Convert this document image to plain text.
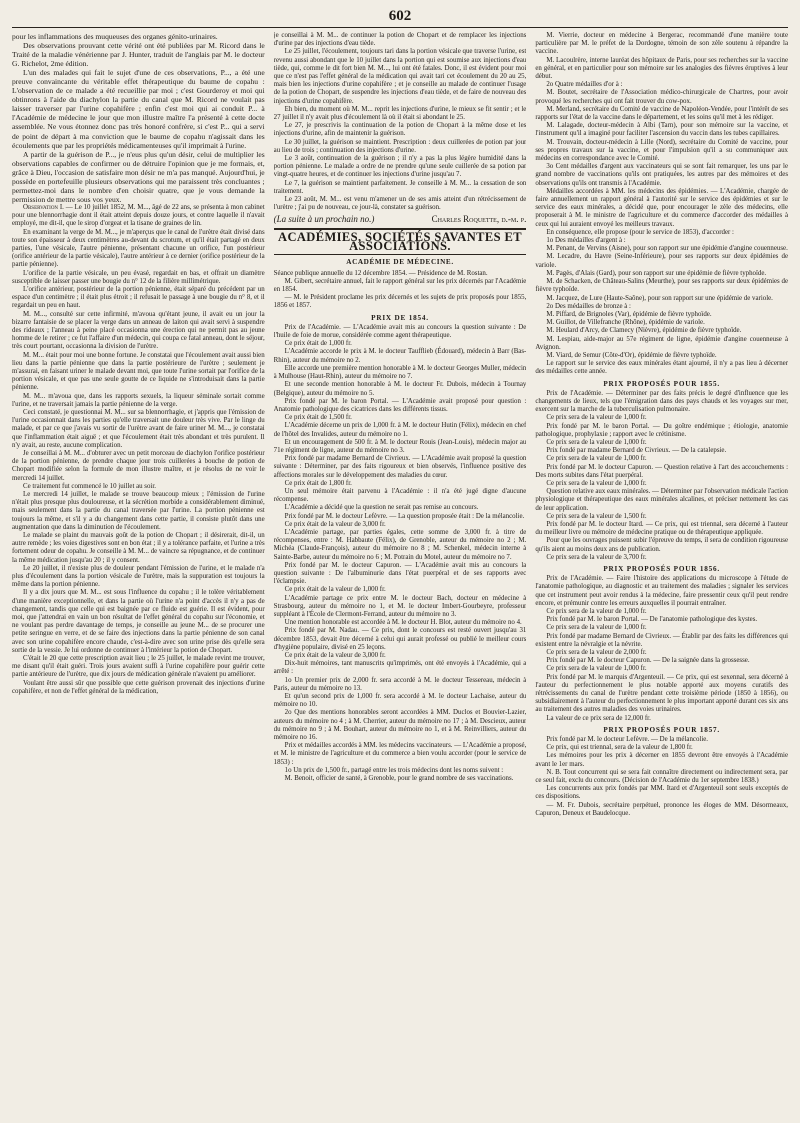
602

pour les inflammations des muqueuses des organes génito-urinaires.

Des observations prouvant cette vérité ont été publiées par M. Ricord dans le Traité de la maladie vénérienne par J. Hunter, traduit de l'anglais par M. le docteur G. Richelot, 2me édition.

L'un des malades qui fait le sujet d'une de ces observations, P..., a été une preuve convaincante du véritable effet thérapeutique du baume de copahu : L'observation de ce malade a été recueillie par moi ; c'est Gourderoy et moi qui obtinrons à l'aide du diachylon la partie du canal que M. Ricord ne voulait pas laisser traverser par l'urine copahifère ; enfin c'est moi qui ai conduit P... à l'Académie de médecine le jour que mon illustre maître l'a présenté à cette docte assemblée. Ne vous étonnez donc pas très honoré confrère, si c'est P... qui a servi de point de départ à ma conviction que le baume de copahu n'agissait dans les écoulements que par les propriétés médicamenteuses qu'il imprimait à l'urine.

A partir de la guérison de P..., je n'eus plus qu'un désir, celui de multiplier les observations capables de confirmer ou de détruire l'opinion que je me formais, et, grâce à Dieu, l'occasion de satisfaire mon désir ne m'a pas manqué. Aujourd'hui, je possède en portefeuille plusieurs observations qui me paraissent très concluantes ; permettez-moi dans le nombre d'en choisir quatre, que je vous demande la permission de mettre sous vos yeux.

Observation I. — Le 10 juillet 1852, M. M..., âgé de 22 ans, se présenta à mon cabinet pour une blennorrhagie dont il était atteint depuis douze jours, et contre laquelle il n'avait employé, me dit-il, que le sirop d'orgeat et la tisane de graines de lin.

En examinant la verge de M. M..., je m'aperçus que le canal de l'urètre était divisé dans toute son épaisseur à deux centimètres au-devant du scrotum, et qu'il était partagé en deux parties, l'une vésicale, l'autre pénienne, présentant chacune un orifice, l'un postérieur (orifice antérieur de la partie vésicale), l'autre antérieur à ce dernier (orifice postérieur de la partie pénienne).

L'orifice de la partie vésicale, un peu évasé, regardait en bas, et offrait un diamètre susceptible de laisser passer une bougie du n° 12 de la filière millimétrique.

L'orifice antérieur, postérieur de la portion pénienne, était séparé du précédent par un espace d'un centimètre ; il était plus étroit ; il refusait le passage à une bougie du n° 8, et il regardait un peu en haut.

M. M..., consulté sur cette infirmité, m'avoua qu'étant jeune, il avait eu un jour la bizarre fantaisie de se placer la verge dans un anneau de laiton qui avait servi à suspendre des rideaux ; l'anneau à peine placé occasionna une érection qui ne permit pas au jeune homme de le retirer ; ce fut l'affaire d'un médecin, qui coupa ce fatal anneau, dont le séjour, très court pourtant, occasionna la division de l'urètre.

M. M... était pour moi une bonne fortune. Je constatai que l'écoulement avait aussi bien lieu dans la partie pénienne que dans la partie postérieure de l'urètre ; seulement je m'assurai, en faisant uriner le malade devant moi, que toute l'urine sortait par l'orifice de la portion vésicale, et que pas une seule goutte de ce liquide ne s'introduisait dans la partie pénienne.

M. M... m'avoua que, dans les rapports sexuels, la liqueur séminale sortait comme l'urine, et ne traversait jamais la partie pénienne de la verge.

Ceci constaté, je questionnai M. M... sur sa blennorrhagie, et j'appris que l'émission de l'urine occasionnait dans les parties qu'elle traversait une douleur très vive. Par le linge du malade, et par ce que j'avais vu sortir de l'urètre avant de faire uriner M. M..., je constatai que l'inflammation était aiguë ; et que l'écoulement était très abondant et très purulent. Il n'y avait, au reste, aucune complication.

Je conseillai à M. M... d'obturer avec un petit morceau de diachylon l'orifice postérieur de la portion pénienne, de prendre chaque jour trois cuillerées à bouche de potion de Chopart modifiée selon la formule de mon illustre maître, et je résolus de ne voir le mercredi 14 juillet.

Ce traitement fut commencé le 10 juillet au soir.

Le mercredi 14 juillet, le malade se trouve beaucoup mieux ; l'émission de l'urine n'était plus presque plus douloureuse, et la sécrétion morbide a considérablement diminué, mais seulement dans la partie du canal traversée par l'urine. La portion pénienne est toujours la même, et s'il y a du changement dans cette partie, il consiste plutôt dans une augmentation que dans la diminution de l'écoulement.

Le malade se plaint du mauvais goût de la potion de Chopart ; il désirerait, dit-il, un autre remède ; les voies digestives sont en bon état ; il y a tolérance parfaite, et l'urine a très fortement odeur de copahu. Je conseille à M. M... de vaincre sa répugnance, et de continuer la même médication jusqu'au 20 ; il y consent.

Le 20 juillet, il n'existe plus de douleur pendant l'émission de l'urine, et le malade n'a plus d'écoulement dans la portion vésicale de l'urètre, mais la suppuration est toujours la même dans la portion pénienne.

Il y a dix jours que M. M... est sous l'influence du copahu ; il le tolère véritablement d'une manière exceptionnelle, et dans la partie où l'urine n'a point d'accès il n'y a pas de changement, tandis que celle qui est baignée par ce fluide est guérie. Il est évident, pour moi, que j'attendrai en vain un bon résultat de l'effet général du copahu sur l'économie, et ne voulant pas perdre davantage de temps, je conseille au jeune M... de se procurer une petite seringue en verre, et de se faire des injections dans la partie pénienne de son canal avec son urine copahifère encore chaude, c'est-à-dire avec son urine prise dès qu'elle sera sortie de la vessie. Je lui ordonne de continuer à l'intérieur la potion de Chopart.

C'était le 20 que cette prescription avait lieu ; le 25 juillet, le malade revint me trouver, me disant qu'il était guéri. Trois jours avaient suffi à l'urine copahifère pour guérir cette partie antérieure de l'urètre, que dix jours de médication générale n'avaient pu améliorer.

Voulant être aussi sûr que possible que cette guérison provenait des injections d'urine copahifère, et non de l'effet général de la médication,

je conseillai à M. M... de continuer la potion de Chopart et de remplacer les injections d'urine par des injections d'eau tiède.

Le 25 juillet, l'écoulement, toujours tari dans la portion vésicale que traverse l'urine, est revenu aussi abondant que le 10 juillet dans la portion qui est soumise aux injections d'eau tiède, qui, comme le dit fort bien M. M..., lui ont été fatales. Donc, il est évident pour moi que ce n'est pas l'effet général de la médication qui avait tari cet écoulement du 20 au 25, mais bien les injections d'urine copahifère ; et je conseille au malade de continuer l'usage de la potion de Chopart, de suspendre les injections d'eau tiède, et de faire de nouveau des injections d'urine copahifère.

Eh bien, du moment où M. M... reprit les injections d'urine, le mieux se fit sentir ; et le 27 juillet il n'y avait plus d'écoulement là où il était si abondant le 25.

Le 27, je prescrivis la continuation de la potion de Chopart à la même dose et les injections d'urine, afin de maintenir la guérison.

Le 30 juillet, la guérison se maintient. Prescription : deux cuillerées de potion par jour au lieu de trois ; continuation des injections d'urine.

Le 3 août, continuation de la guérison ; il n'y a pas la plus légère humidité dans la portion pénienne. Le malade a ordre de ne prendre qu'une seule cuillerée de sa potion par vingt-quatre heures, et de continuer les injections d'urine jusqu'au 7.

Le 7, la guérison se maintient parfaitement. Je conseille à M. M... la cessation de son traitement.

Le 23 août, M. M... est venu m'amener un de ses amis atteint d'un rétrécissement de l'urètre ; j'ai pu de nouveau, ce jour-là, constater sa guérison.

(La suite à un prochain no.)	Charles Roquette, d.-m. p.
ACADÉMIES, SOCIÉTÉS SAVANTES ET ASSOCIATIONS.
ACADÉMIE DE MÉDECINE.

Séance publique annuelle du 12 décembre 1854. — Présidence de M. Rostan.

M. Gibert, secrétaire annuel, fait le rapport général sur les prix décernés par l'Académie en 1854.

— M. le Président proclame les prix décernés et les sujets de prix proposés pour 1855, 1856 et 1857.

PRIX DE 1854.

Prix de l'Académie. — L'Académie avait mis au concours la question suivante : De l'huile de foie de morue, considérée comme agent thérapeutique.

Ce prix était de 1,000 fr.

L'Académie accorde le prix à M. le docteur Taufflieb (Édouard), médecin à Barr (Bas-Rhin), auteur du mémoire no 2.

Elle accorde une première mention honorable à M. le docteur Georges Muller, médecin à Mulhouse (Haut-Rhin), auteur du mémoire no 7.

Et une seconde mention honorable à M. le docteur Fr. Dubois, médecin à Tournay (Belgique), auteur du mémoire no 5.

Prix fondé par M. le baron Portal. — L'Académie avait proposé pour question : Anatomie pathologique des cicatrices dans les différents tissus.

Ce prix était de 1,500 fr.

L'Académie décerne un prix de 1,000 fr. à M. le docteur Hutin (Félix), médecin en chef de l'hôtel des Invalides, auteur du mémoire no 1.

Et un encouragement de 500 fr. à M. le docteur Rouis (Jean-Louis), médecin major au 71e régiment de ligne, auteur du mémoire no 3.

Prix fondé par madame Bernard de Civrieux. — L'Académie avait proposé la question suivante : Déterminer, par des faits rigoureux et bien observés, l'influence positive des affections morales sur le développement des maladies du cœur.

Ce prix était de 1,800 fr.

Un seul mémoire était parvenu à l'Académie : il n'a été jugé digne d'aucune récompense.

L'Académie a décidé que la question ne serait pas remise au concours.

Prix fondé par M. le docteur Lefèvre. — La question proposée était : De la mélancolie.

Ce prix était de la valeur de 3,000 fr.

L'Académie partage, par parties égales, cette somme de 3,000 fr. à titre de récompenses, entre : M. Habbaute (Félix), de Grenoble, auteur du mémoire no 2 ; M. Michéa (Claude-François), auteur du mémoire no 8 ; M. Schenkel, médecin interne à Sainte-Barbe, auteur du mémoire no 6 ; M. Potrain du Motel, auteur du mémoire no 7.

Prix fondé par M. le docteur Capuron. — L'Académie avait mis au concours la question suivante : De l'albuminurie dans l'état puerpéral et de ses rapports avec l'éclampsie.

Ce prix était de la valeur de 1,000 fr.

L'Académie partage ce prix entre M. le docteur Bach, docteur en médecine à Strasbourg, auteur du mémoire no 1, et M. le docteur Imbert-Gourbeyre, professeur suppléant à l'École de Clermont-Ferrand, auteur du mémoire no 3.

Une mention honorable est accordée à M. le docteur H. Blot, auteur du mémoire no 4.

Prix fondé par M. Nadau. — Ce prix, dont le concours est resté ouvert jusqu'au 31 décembre 1853, devait être décerné à celui qui aurait professé ou publié le meilleur cours d'hygiène populaire, divisé en 25 leçons.

Ce prix était de la valeur de 3,000 fr.

Dix-huit mémoires, tant manuscrits qu'imprimés, ont été envoyés à l'Académie, qui a arrêté :

1o Un premier prix de 2,000 fr. sera accordé à M. le docteur Tessereau, médecin à Paris, auteur du mémoire no 13.

Et qu'un second prix de 1,000 fr. sera accordé à M. le docteur Lachaise, auteur du mémoire no 10.

2o Que des mentions honorables seront accordées à MM. Duclos et Bouvier-Lazier, auteurs du mémoire no 4 ; à M. Cherrier, auteur du mémoire no 17 ; à M. Descieux, auteur du mémoire no 9 ; à M. Bouhart, auteur du mémoire no 1, et à M. Reinvilliers, auteur du mémoire no 16.

Prix et médailles accordés à MM. les médecins vaccinateurs. — L'Académie a proposé, et M. le ministre de l'agriculture et du commerce a bien voulu accorder (pour le service de 1853) :

1o Un prix de 1,500 fr., partagé entre les trois médecins dont les noms suivent :

M. Benoit, officier de santé, à Grenoble, pour le grand nombre de ses vaccinations.

M. Vierrie, docteur en médecine à Bergerac, recommandé d'une manière toute particulière par M. le préfet de la Dordogne, témoin de son zèle soutenu à répandre la vaccine.

M. Lacoulrère, interne lauréat des hôpitaux de Paris, pour ses recherches sur la vaccine en général, et en particulier pour son mémoire sur les analogies des fièvres éruptives à leur début.

2o Quatre médailles d'or à :

M. Boutet, secrétaire de l'Association médico-chirurgicale de Chartres, pour avoir provoqué les recherches qui ont fait trouver du cow-pox.

M. Merland, secrétaire du Comité de vaccine de Napoléon-Vendée, pour l'intérêt de ses rapports sur l'état de la vaccine dans le département, et les soins qu'il met à les rédiger.

M. Lalagade, docteur-médecin à Albi (Tarn), pour son mémoire sur la vaccine, et l'instrument qu'il a imaginé pour faciliter l'ascension du vaccin dans les tubes capillaires.

M. Trouvain, docteur-médecin à Lille (Nord), secrétaire du Comité de vaccine, pour ses propres travaux sur la vaccine, et pour l'impulsion qu'il a su communiquer aux médecins en correspondance avec le Comité.

3o Cent médailles d'argent aux vaccinateurs qui se sont fait remarquer, les uns par le grand nombre de vaccinations qu'ils ont pratiquées, les autres par des mémoires et des observations qu'ils ont transmis à l'Académie.

Médailles accordées à MM. les médecins des épidémies. — L'Académie, chargée de faire annuellement un rapport général à l'autorité sur le service des épidémies et sur le service des eaux minérales, a décidé que, pour encourager le zèle des médecins, elle proposerait à M. le ministre de l'agriculture et du commerce d'accorder des médailles à ceux qui lui auraient envoyé les meilleurs travaux.

En conséquence, elle propose (pour le service de 1853), d'accorder :

1o Des médailles d'argent à :

M. Penant, de Vervins (Aisne), pour son rapport sur une épidémie d'angine couenneuse.

M. Lecadre, du Havre (Seine-Inférieure), pour ses rapports sur deux épidémies de variole.

M. Pagès, d'Alais (Gard), pour son rapport sur une épidémie de fièvre typhoïde.

M. de Schacken, de Château-Salins (Meurthe), pour ses rapports sur deux épidémies de fièvre typhoïde.

M. Jacquez, de Lure (Haute-Saône), pour son rapport sur une épidémie de variole.

2o Des médailles de bronze à :

M. Piffard, de Brignoles (Var), épidémie de fièvre typhoïde.

M. Guillot, de Villefranche (Rhône), épidémie de variole.

M. Heulard d'Arcy, de Clamecy (Nièvre), épidémie de fièvre typhoïde.

M. Lespiau, aide-major au 57e régiment de ligne, épidémie d'angine couenneuse à Avignon.

M. Viard, de Semur (Côte-d'Or), épidémie de fièvre typhoïde.

Le rapport sur le service des eaux minérales étant ajourné, il n'y a pas lieu à décerner des médailles cette année.

PRIX PROPOSÉS POUR 1855.

Prix de l'Académie. — Déterminer par des faits précis le degré d'influence que les changements de lieux, tels que l'émigration dans des pays chauds et les voyages sur mer, exercent sur la marche de la tuberculisation pulmonaire.

Ce prix sera de la valeur de 1,000 fr.

Prix fondé par M. le baron Portal. — Du goître endémique ; étiologie, anatomie pathologique, prophylaxie ; rapport avec le crétinisme.

Ce prix sera de la valeur de 1,000 fr.

Prix fondé par madame Bernard de Civrieux. — De la catalepsie.

Ce prix sera de la valeur de 1,000 fr.

Prix fondé par M. le docteur Capuron. — Question relative à l'art des accouchements : Des morts subites dans l'état puerpéral.

Ce prix sera de la valeur de 1,000 fr.

Question relative aux eaux minérales. — Déterminer par l'observation médicale l'action physiologique et thérapeutique des eaux minérales alcalines, et préciser nettement les cas de leur application.

Ce prix sera de la valeur de 1,500 fr.

Prix fondé par M. le docteur Itard. — Ce prix, qui est triennal, sera décerné à l'auteur du meilleur livre ou mémoire de médecine pratique ou de thérapeutique appliquée.

Pour que les ouvrages puissent subir l'épreuve du temps, il sera de condition rigoureuse qu'ils aient au moins deux ans de publication.

Ce prix sera de la valeur de 3,700 fr.

PRIX PROPOSÉS POUR 1856.

Prix de l'Académie. — Faire l'histoire des applications du microscope à l'étude de l'anatomie pathologique, au diagnostic et au traitement des maladies ; signaler les services que cet instrument peut avoir rendus à la médecine, faire pressentir ceux qu'il peut rendre encore, et prémunir contre les erreurs auxquelles il pourrait entraîner.

Ce prix sera de la valeur de 1,000 fr.

Prix fondé par M. le baron Portal. — De l'anatomie pathologique des kystes.

Ce prix sera de la valeur de 1,000 fr.

Prix fondé par madame Bernard de Civrieux. — Établir par des faits les différences qui existent entre la névralgie et la névrite.

Ce prix sera de la valeur de 2,000 fr.

Prix fondé par M. le docteur Capuron. — De la saignée dans la grossesse.

Ce prix sera de la valeur de 1,000 fr.

Prix fondé par M. le marquis d'Argenteuil. — Ce prix, qui est sexennal, sera décerné à l'auteur du perfectionnement le plus notable apporté aux moyens curatifs des rétrécissements du canal de l'urètre pendant cette troisième période (1850 à 1856), ou subsidiairement à l'auteur du perfectionnement le plus important apporté durant ces six ans au traitement des autres maladies des voies urinaires.

La valeur de ce prix sera de 12,000 fr.

PRIX PROPOSÉS POUR 1857.

Prix fondé par M. le docteur Lefèvre. — De la mélancolie.

Ce prix, qui est triennal, sera de la valeur de 1,800 fr.

Les mémoires pour les prix à décerner en 1855 devront être envoyés à l'Académie avant le 1er mars.

N. B. Tout concurrent qui se sera fait connaître directement ou indirectement sera, par ce seul fait, exclu du concours. (Décision de l'Académie du 1er septembre 1838.)

Les concurrents aux prix fondés par MM. Itard et d'Argenteuil sont seuls exceptés de ces dispositions.

— M. Fr. Dubois, secrétaire perpétuel, prononce les éloges de MM. Désormeaux, Capuron, Deneux et Baudelocque.
